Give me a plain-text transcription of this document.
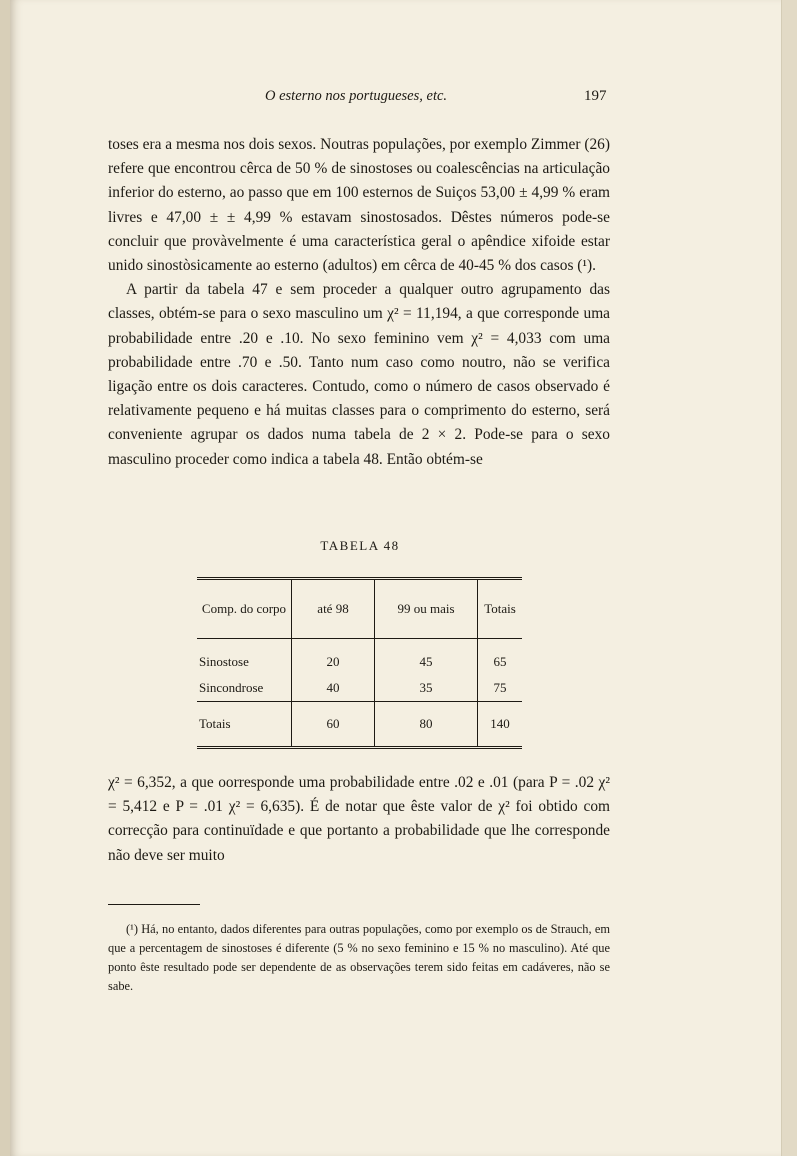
O esterno nos portugueses, etc.	197

toses era a mesma nos dois sexos. Noutras populações, por exemplo Zimmer (26) refere que encontrou cêrca de 50 % de sinostoses ou coalescências na articulação inferior do esterno, ao passo que em 100 esternos de Suiços 53,00 ± 4,99 % eram livres e 47,00 ± ± 4,99 % estavam sinostosados. Dêstes números pode-se concluir que provàvelmente é uma característica geral o apêndice xifoide estar unido sinostòsicamente ao esterno (adultos) em cêrca de 40-45 % dos casos (¹).

A partir da tabela 47 e sem proceder a qualquer outro agrupamento das classes, obtém-se para o sexo masculino um χ² = 11,194, a que corresponde uma probabilidade entre .20 e .10. No sexo feminino vem χ² = 4,033 com uma probabilidade entre .70 e .50. Tanto num caso como noutro, não se verifica ligação entre os dois caracteres. Contudo, como o número de casos observado é relativamente pequeno e há muitas classes para o comprimento do esterno, será conveniente agrupar os dados numa tabela de 2 × 2. Pode-se para o sexo masculino proceder como indica a tabela 48. Então obtém-se

TABELA 48
Comp. do corpo	até 98	99 ou mais	Totais
Sinostose	20	45	65
Sincondrose	40	35	75
Totais	60	80	140

χ² = 6,352, a que oorresponde uma probabilidade entre .02 e .01 (para P = .02 χ² = 5,412 e P = .01 χ² = 6,635). É de notar que êste valor de χ² foi obtido com correcção para continuïdade e que portanto a probabilidade que lhe corresponde não deve ser muito

(¹) Há, no entanto, dados diferentes para outras populações, como por exemplo os de Strauch, em que a percentagem de sinostoses é diferente (5 % no sexo feminino e 15 % no masculino). Até que ponto êste resultado pode ser dependente de as observações terem sido feitas em cadáveres, não se sabe.
